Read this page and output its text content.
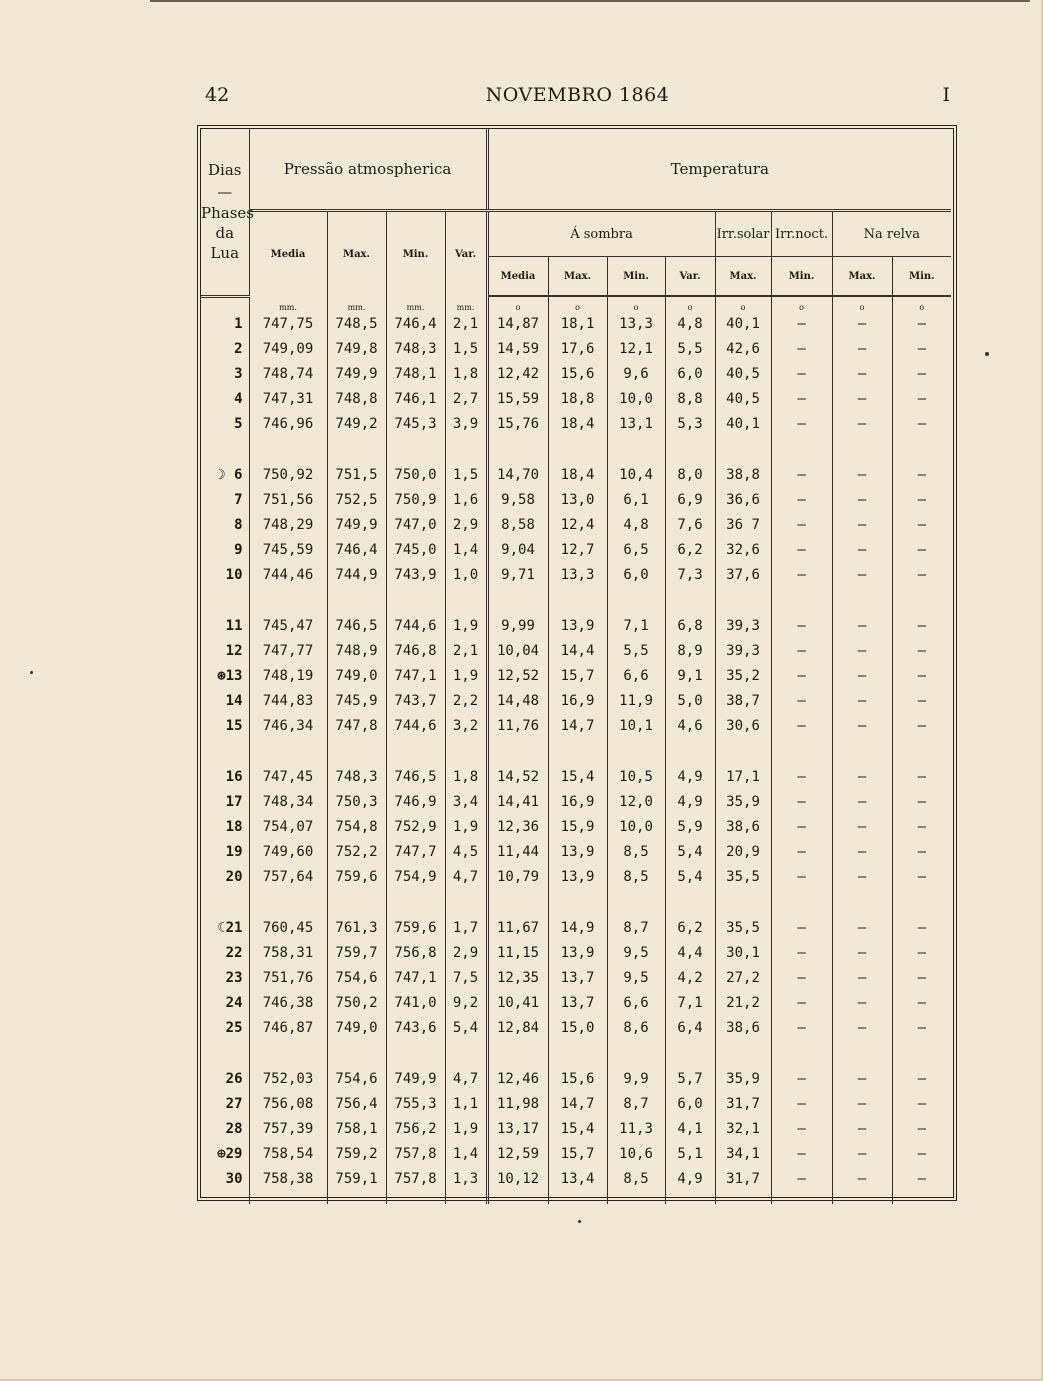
42	NOVEMBRO 1864	I
Dias
—
Phases
da
Lua	Pressão atmospherica				Temperatura							
	Media	Max.	Min.	Var.	Á sombra				Irr.solar	Irr.noct.	Na relva	
					Media	Max.	Min.	Var.	Max.	Min.	Max.	Min.
	mm.	mm.	mm.	mm.	o	o	o	o	o	o	o	o
1	747,75	748,5	746,4	2,1	14,87	18,1	13,3	4,8	40,1	—	—	—
2	749,09	749,8	748,3	1,5	14,59	17,6	12,1	5,5	42,6	—	—	—
3	748,74	749,9	748,1	1,8	12,42	15,6	9,6	6,0	40,5	—	—	—
4	747,31	748,8	746,1	2,7	15,59	18,8	10,0	8,8	40,5	—	—	—
5	746,96	749,2	745,3	3,9	15,76	18,4	13,1	5,3	40,1	—	—	—

☽ 6	750,92	751,5	750,0	1,5	14,70	18,4	10,4	8,0	38,8	—	—	—
7	751,56	752,5	750,9	1,6	9,58	13,0	6,1	6,9	36,6	—	—	—
8	748,29	749,9	747,0	2,9	8,58	12,4	4,8	7,6	36 7	—	—	—
9	745,59	746,4	745,0	1,4	9,04	12,7	6,5	6,2	32,6	—	—	—
10	744,46	744,9	743,9	1,0	9,71	13,3	6,0	7,3	37,6	—	—	—

11	745,47	746,5	744,6	1,9	9,99	13,9	7,1	6,8	39,3	—	—	—
12	747,77	748,9	746,8	2,1	10,04	14,4	5,5	8,9	39,3	—	—	—
⊛13	748,19	749,0	747,1	1,9	12,52	15,7	6,6	9,1	35,2	—	—	—
14	744,83	745,9	743,7	2,2	14,48	16,9	11,9	5,0	38,7	—	—	—
15	746,34	747,8	744,6	3,2	11,76	14,7	10,1	4,6	30,6	—	—	—

16	747,45	748,3	746,5	1,8	14,52	15,4	10,5	4,9	17,1	—	—	—
17	748,34	750,3	746,9	3,4	14,41	16,9	12,0	4,9	35,9	—	—	—
18	754,07	754,8	752,9	1,9	12,36	15,9	10,0	5,9	38,6	—	—	—
19	749,60	752,2	747,7	4,5	11,44	13,9	8,5	5,4	20,9	—	—	—
20	757,64	759,6	754,9	4,7	10,79	13,9	8,5	5,4	35,5	—	—	—

☾21	760,45	761,3	759,6	1,7	11,67	14,9	8,7	6,2	35,5	—	—	—
22	758,31	759,7	756,8	2,9	11,15	13,9	9,5	4,4	30,1	—	—	—
23	751,76	754,6	747,1	7,5	12,35	13,7	9,5	4,2	27,2	—	—	—
24	746,38	750,2	741,0	9,2	10,41	13,7	6,6	7,1	21,2	—	—	—
25	746,87	749,0	743,6	5,4	12,84	15,0	8,6	6,4	38,6	—	—	—

26	752,03	754,6	749,9	4,7	12,46	15,6	9,9	5,7	35,9	—	—	—
27	756,08	756,4	755,3	1,1	11,98	14,7	8,7	6,0	31,7	—	—	—
28	757,39	758,1	756,2	1,9	13,17	15,4	11,3	4,1	32,1	—	—	—
⊕29	758,54	759,2	757,8	1,4	12,59	15,7	10,6	5,1	34,1	—	—	—
30	758,38	759,1	757,8	1,3	10,12	13,4	8,5	4,9	31,7	—	—	—
